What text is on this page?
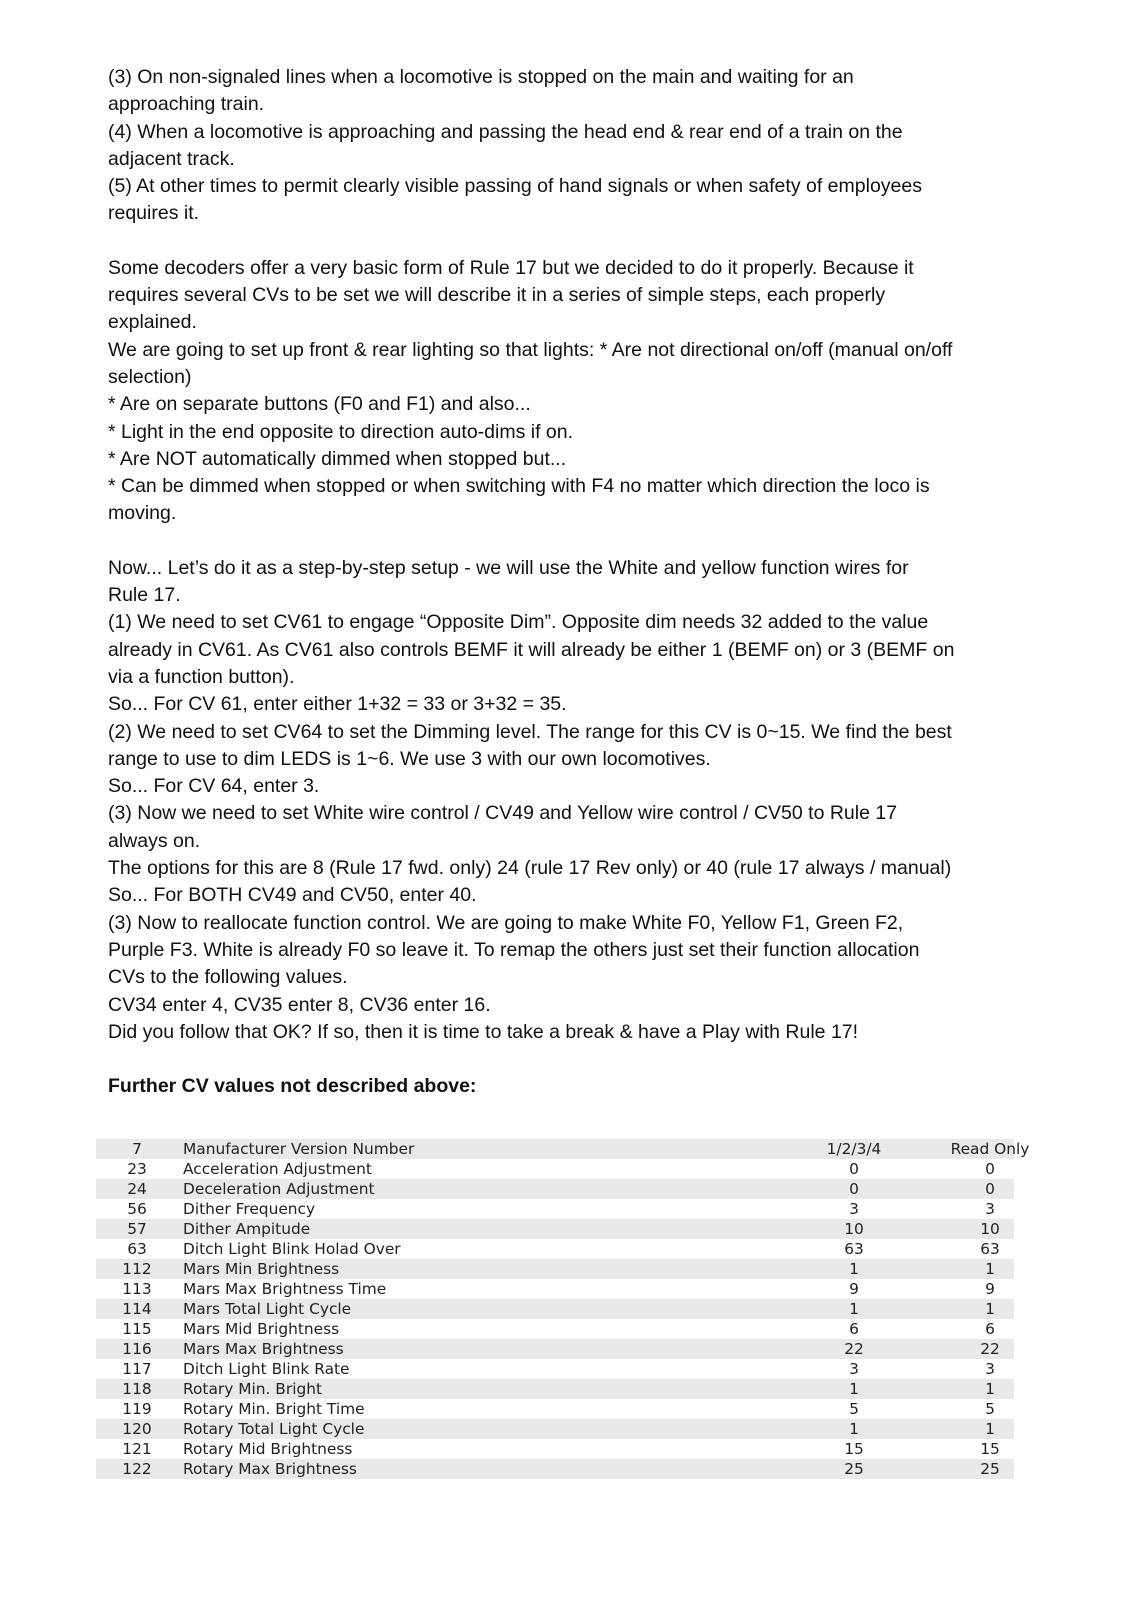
(3) On non-signaled lines when a locomotive is stopped on the main and waiting for an

approaching train.

(4) When a locomotive is approaching and passing the head end & rear end of a train on the

adjacent track.

(5) At other times to permit clearly visible passing of hand signals or when safety of employees

requires it.

Some decoders offer a very basic form of Rule 17 but we decided to do it properly. Because it

requires several CVs to be set we will describe it in a series of simple steps, each properly

explained.

We are going to set up front & rear lighting so that lights: * Are not directional on/off (manual on/off

selection)

* Are on separate buttons (F0 and F1) and also...

* Light in the end opposite to direction auto-dims if on.

* Are NOT automatically dimmed when stopped but...

* Can be dimmed when stopped or when switching with F4 no matter which direction the loco is

moving.

Now... Let’s do it as a step-by-step setup - we will use the White and yellow function wires for

Rule 17.

(1) We need to set CV61 to engage “Opposite Dim”. Opposite dim needs 32 added to the value

already in CV61. As CV61 also controls BEMF it will already be either 1 (BEMF on) or 3 (BEMF on

via a function button).

So... For CV 61, enter either 1+32 = 33 or 3+32 = 35.

(2) We need to set CV64 to set the Dimming level. The range for this CV is 0~15. We find the best

range to use to dim LEDS is 1~6. We use 3 with our own locomotives.

So... For CV 64, enter 3.

(3) Now we need to set White wire control / CV49 and Yellow wire control / CV50 to Rule 17

always on.

The options for this are 8 (Rule 17 fwd. only) 24 (rule 17 Rev only) or 40 (rule 17 always / manual)

So... For BOTH CV49 and CV50, enter 40.

(3) Now to reallocate function control. We are going to make White F0, Yellow F1, Green F2,

Purple F3. White is already F0 so leave it. To remap the others just set their function allocation

CVs to the following values.

CV34 enter 4, CV35 enter 8, CV36 enter 16.

Did you follow that OK? If so, then it is time to take a break & have a Play with Rule 17!

Further CV values not described above:

7	Manufacturer Version Number	1/2/3/4	Read Only
23	Acceleration Adjustment	0	0
24	Deceleration Adjustment	0	0
56	Dither Frequency	3	3
57	Dither Ampitude	10	10
63	Ditch Light Blink Holad Over	63	63
112	Mars Min Brightness	1	1
113	Mars Max Brightness Time	9	9
114	Mars Total Light Cycle	1	1
115	Mars Mid Brightness	6	6
116	Mars Max Brightness	22	22
117	Ditch Light Blink Rate	3	3
118	Rotary Min. Bright	1	1
119	Rotary Min. Bright Time	5	5
120	Rotary Total Light Cycle	1	1
121	Rotary Mid Brightness	15	15
122	Rotary Max Brightness	25	25
